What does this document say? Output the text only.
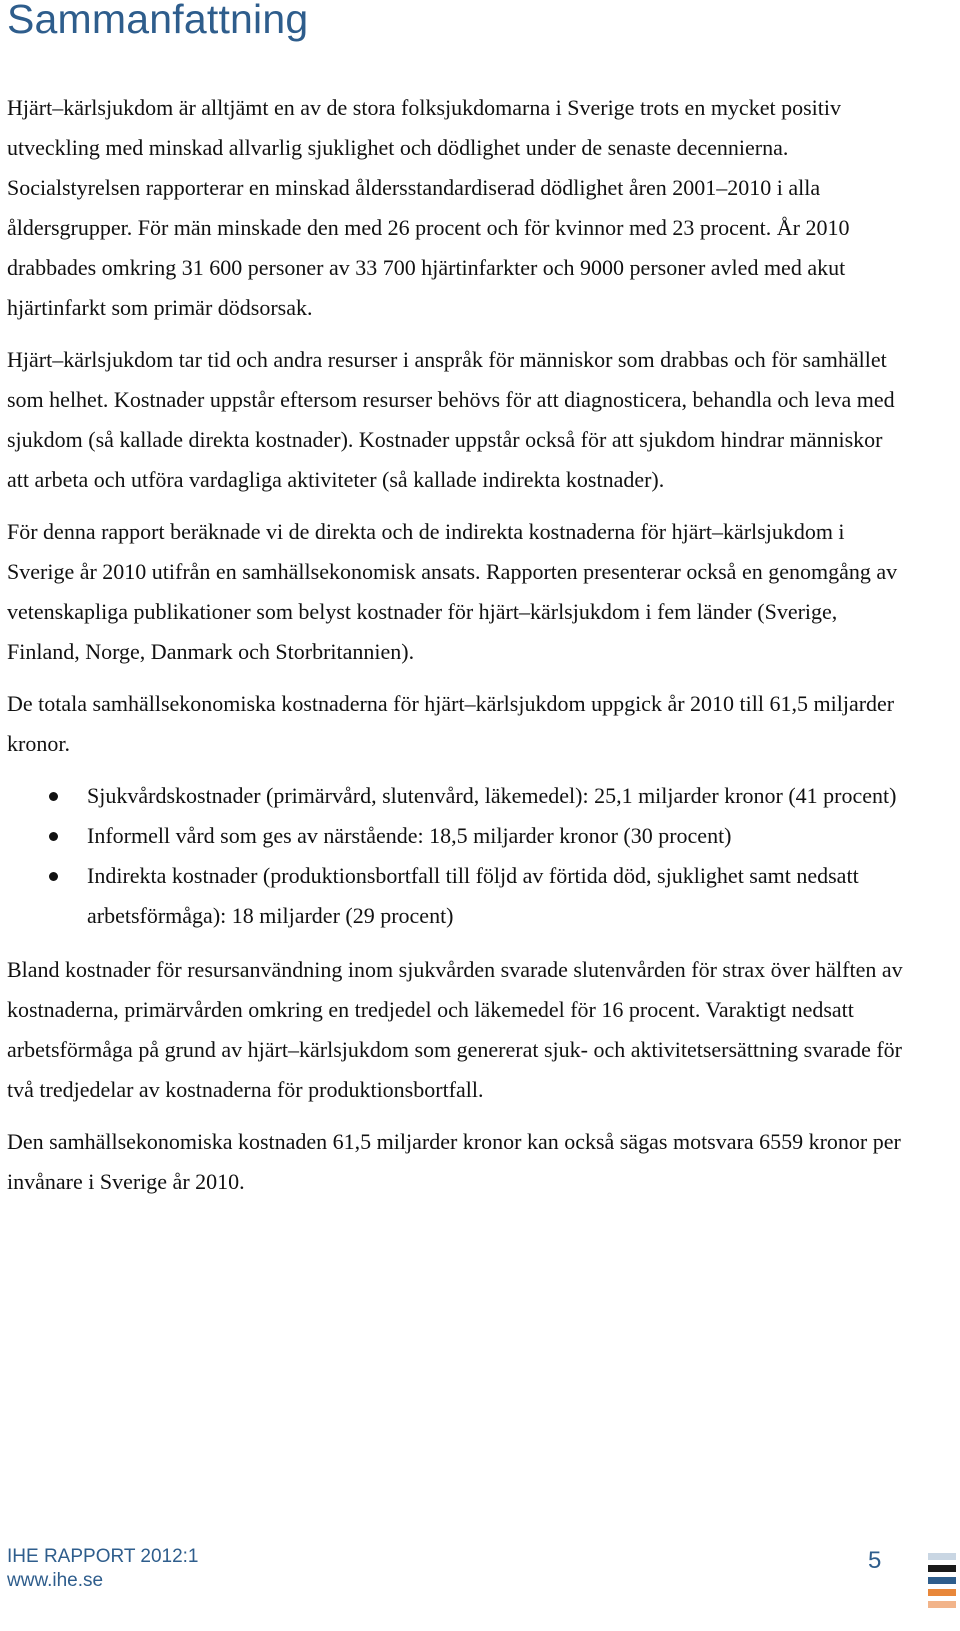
Sammanfattning

Hjärt–kärlsjukdom är alltjämt en av de stora folksjukdomarna i Sverige trots en mycket positiv utveckling med minskad allvarlig sjuklighet och dödlighet under de senaste decennierna. Socialstyrelsen rapporterar en minskad åldersstandardiserad dödlighet åren 2001–2010 i alla åldersgrupper. För män minskade den med 26 procent och för kvinnor med 23 procent. År 2010 drabbades omkring 31 600 personer av 33 700 hjärtinfarkter och 9000 personer avled med akut hjärtinfarkt som primär dödsorsak.

Hjärt–kärlsjukdom tar tid och andra resurser i anspråk för människor som drabbas och för samhället som helhet. Kostnader uppstår eftersom resurser behövs för att diagnosticera, behandla och leva med sjukdom (så kallade direkta kostnader). Kostnader uppstår också för att sjukdom hindrar människor att arbeta och utföra vardagliga aktiviteter (så kallade indirekta kostnader).

För denna rapport beräknade vi de direkta och de indirekta kostnaderna för hjärt–kärlsjukdom i Sverige år 2010 utifrån en samhällsekonomisk ansats. Rapporten presenterar också en genomgång av vetenskapliga publikationer som belyst kostnader för hjärt–kärlsjukdom i fem länder (Sverige, Finland, Norge, Danmark och Storbritannien).

De totala samhällsekonomiska kostnaderna för hjärt–kärlsjukdom uppgick år 2010 till 61,5 miljarder kronor.

Sjukvårdskostnader (primärvård, slutenvård, läkemedel): 25,1 miljarder kronor (41 procent)
Informell vård som ges av närstående: 18,5 miljarder kronor (30 procent)
Indirekta kostnader (produktionsbortfall till följd av förtida död, sjuklighet samt nedsatt arbetsförmåga): 18 miljarder (29 procent)

Bland kostnader för resursanvändning inom sjukvården svarade slutenvården för strax över hälften av kostnaderna, primärvården omkring en tredjedel och läkemedel för 16 procent. Varaktigt nedsatt arbetsförmåga på grund av hjärt–kärlsjukdom som genererat sjuk- och aktivitetsersättning svarade för två tredjedelar av kostnaderna för produktionsbortfall.

Den samhällsekonomiska kostnaden 61,5 miljarder kronor kan också sägas motsvara 6559 kronor per invånare i Sverige år 2010.

IHE RAPPORT 2012:1
www.ihe.se
5
